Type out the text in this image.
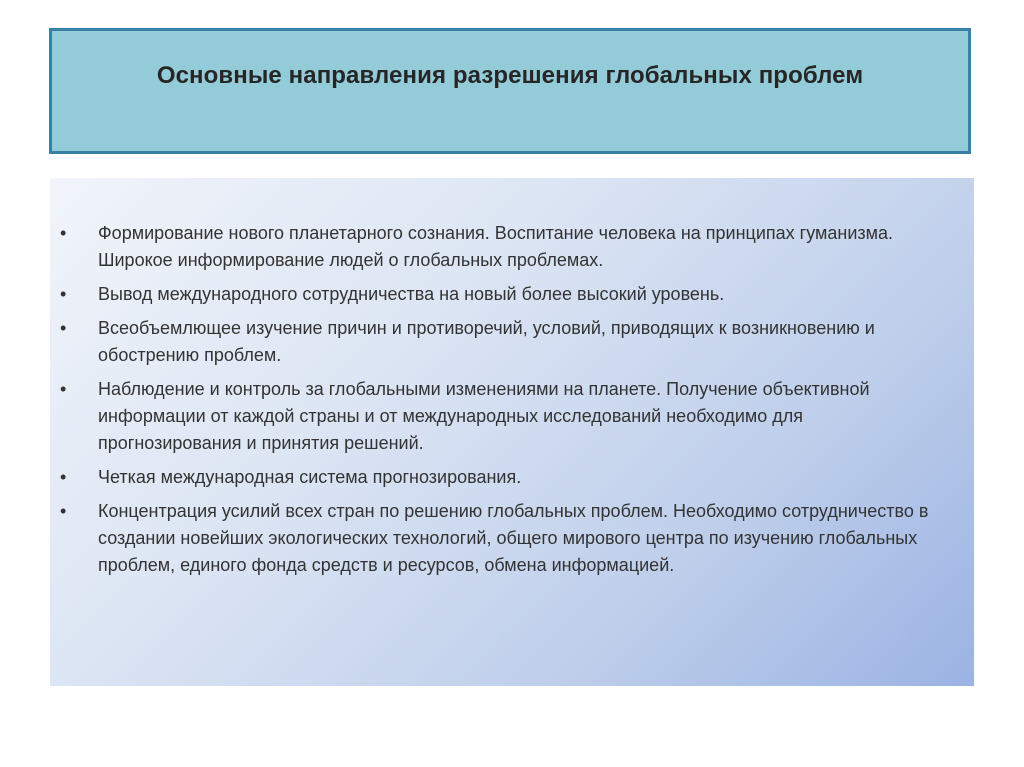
Основные направления разрешения глобальных проблем
• Формирование нового планетарного сознания. Воспитание человека на принципах гуманизма. Широкое информирование людей о глобальных проблемах.
• Вывод международного сотрудничества на новый более высокий уровень.
• Всеобъемлющее изучение причин и противоречий, условий, приводящих к возникновению и обострению проблем.
• Наблюдение и контроль за глобальными изменениями на планете. Получение объективной информации от каждой страны и от международных исследований необходимо для прогнозирования и принятия решений.
• Четкая международная система прогнозирования.
• Концентрация усилий всех стран по решению глобальных проблем. Необходимо сотрудничество в создании новейших экологических технологий, общего мирового центра по изучению глобальных проблем, единого фонда средств и ресурсов, обмена информацией.
